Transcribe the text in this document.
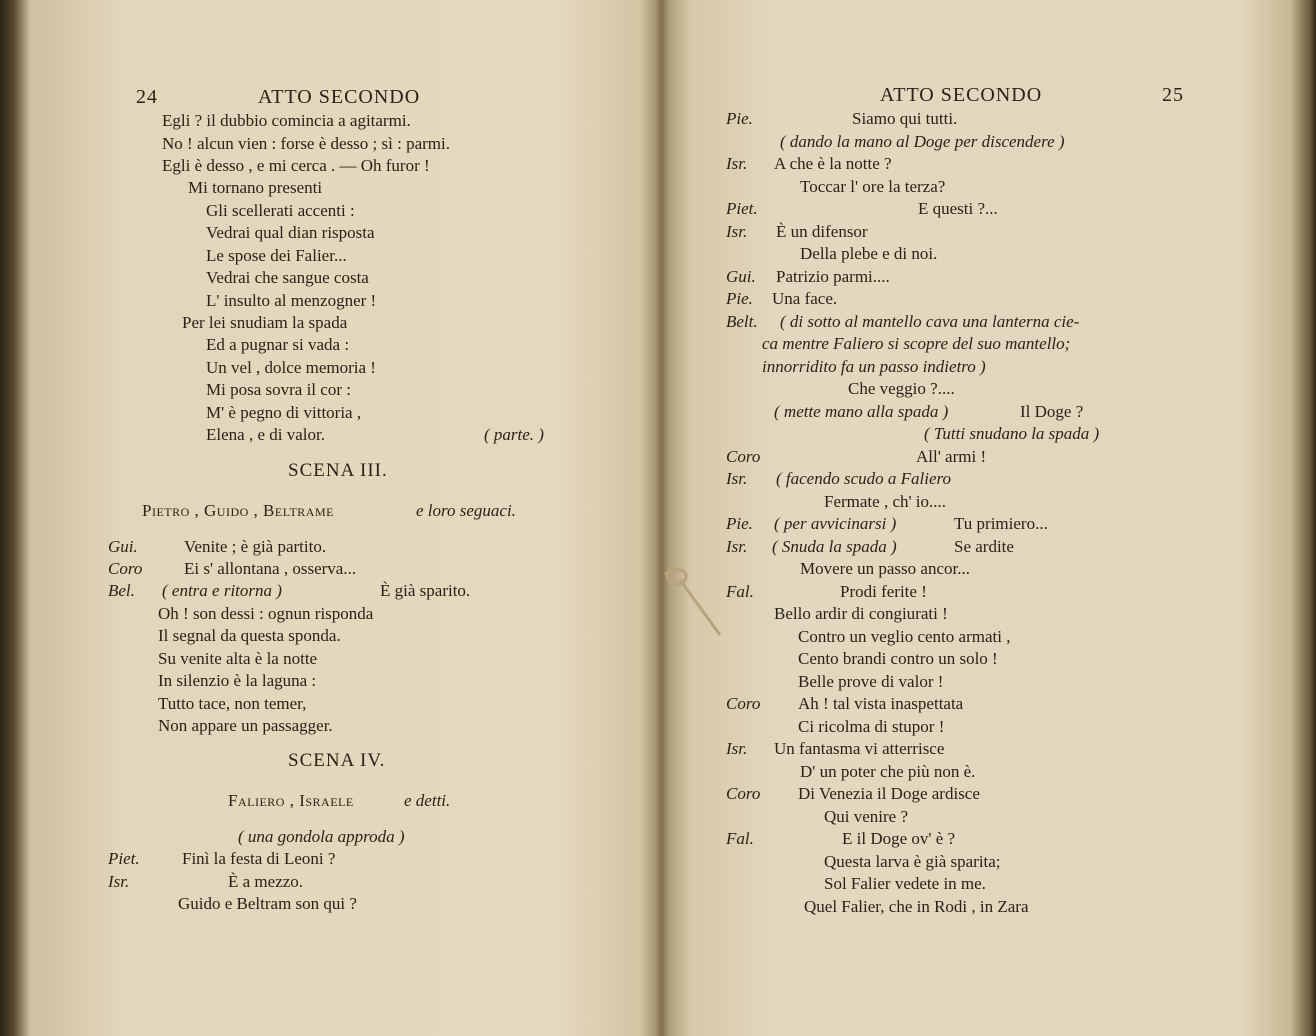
24	ATTO SECONDO
Egli ? il dubbio comincia a agitarmi.
No ! alcun vien : forse è desso ; sì : parmi.
Egli è desso , e mi cerca . — Oh furor !
Mi tornano presenti
Gli scellerati accenti :
Vedrai qual dian risposta
Le spose dei Falier...
Vedrai che sangue costa
L' insulto al menzogner !
Per lei snudiam la spada
Ed a pugnar si vada :
Un vel , dolce memoria !
Mi posa sovra il cor :
M' è pegno di vittoria ,
Elena , e di valor.	( parte. )
SCENA III.
Pietro , Guido , Beltrame	e loro seguaci.
Gui.	Venite ; è già partito.
Coro Ei s' allontana , osserva...
Bel. ( entra e ritorna )	È già sparito.
Oh ! son dessi : ognun risponda
Il segnal da questa sponda.
Su venite alta è la notte
In silenzio è la laguna :
Tutto tace, non temer,
Non appare un passagger.
SCENA IV.
Faliero , Israele	e detti.
( una gondola approda )
Piet. Finì la festa di Leoni ?
Isr.	È a mezzo.
Guido e Beltram son qui ?
ATTO SECONDO	25
Pie.	Siamo qui tutti.
( dando la mano al Doge per discendere )
Isr. A che è la notte ?
Toccar l' ore la terza?
Piet.	E questi ?...
Isr. È un difensor
Della plebe e di noi.
Gui. Patrizio parmi....
Pie. Una face.
Belt. ( di sotto al mantello cava una lanterna cie-
ca mentre Faliero si scopre del suo mantello;
innorridito fa un passo indietro )
Che veggio ?....
( mette mano alla spada )	Il Doge ?
( Tutti snudano la spada )
Coro	All' armi !
Isr. ( facendo scudo a Faliero
Fermate , ch' io....
Pie. ( per avvicinarsi )	Tu primiero...
Isr. ( Snuda la spada )	Se ardite
Movere un passo ancor...
Fal.	Prodi ferite !
Bello ardir di congiurati !
Contro un veglio cento armati ,
Cento brandi contro un solo !
Belle prove di valor !
Coro Ah ! tal vista inaspettata
Ci ricolma di stupor !
Isr. Un fantasma vi atterrisce
D' un poter che più non è.
Coro Di Venezia il Doge ardisce
Qui venire ?
Fal.	E il Doge ov' è ?
Questa larva è già sparita;
Sol Falier vedete in me.
Quel Falier, che in Rodi , in Zara
